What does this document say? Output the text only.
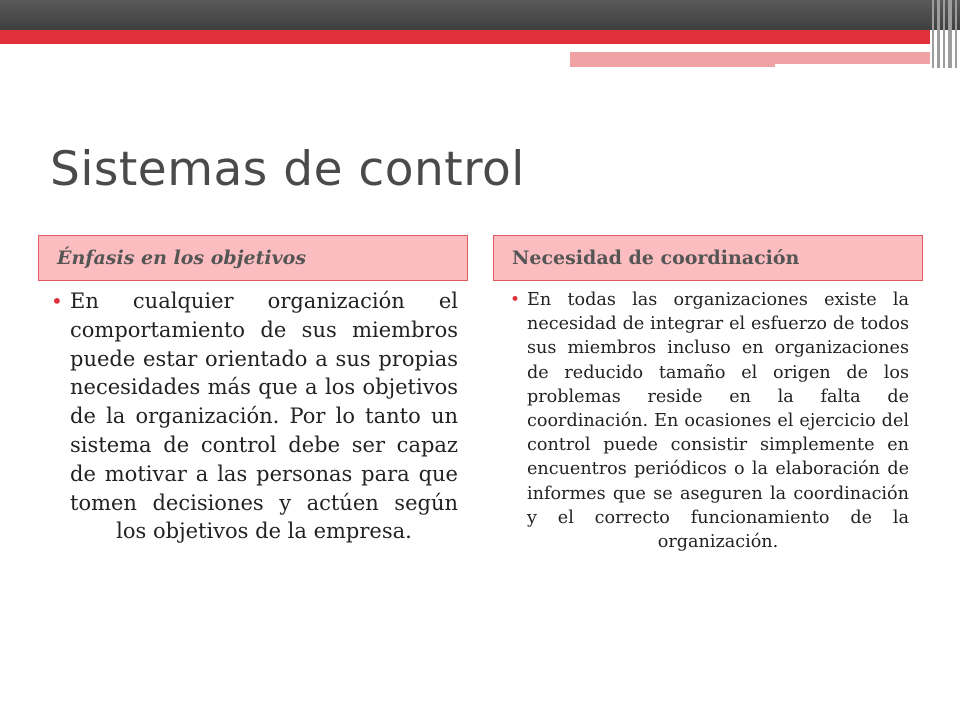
Sistemas de control
Énfasis en los objetivos	Necesidad de coordinación
• En cualquier organización el comportamiento de sus miembros puede estar orientado a sus propias necesidades más que a los objetivos de la organización. Por lo tanto un sistema de control debe ser capaz de motivar a las personas para que tomen decisiones y actúen según los objetivos de la empresa.
• En todas las organizaciones existe la necesidad de integrar el esfuerzo de todos sus miembros incluso en organizaciones de reducido tamaño el origen de los problemas reside en la falta de coordinación. En ocasiones el ejercicio del control puede consistir simplemente en encuentros periódicos o la elaboración de informes que se aseguren la coordinación y el correcto funcionamiento de la organización.
